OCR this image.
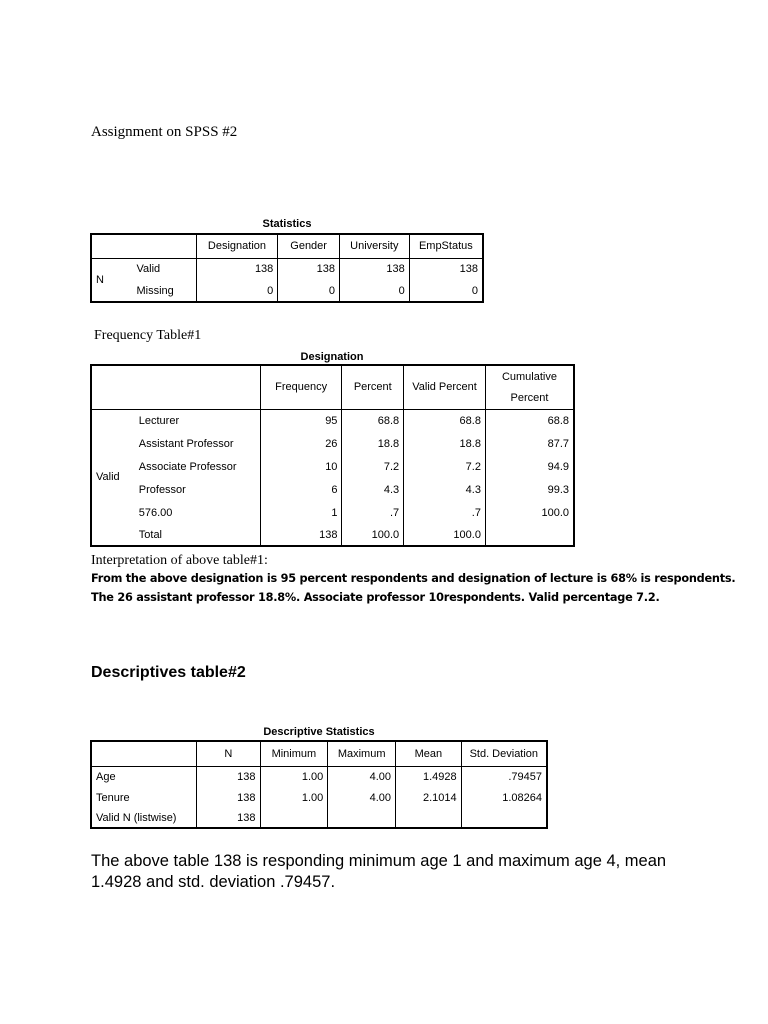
Assignment on SPSS #2
Statistics
		Designation	Gender	University	EmpStatus
N	Valid	138	138	138	138
	Missing	0	0	0	0
Frequency Table#1
Designation
		Frequency	Percent	Valid Percent	Cumulative
					Percent
Valid	Lecturer	95	68.8	68.8	68.8
	Assistant Professor	26	18.8	18.8	87.7
	Associate Professor	10	7.2	7.2	94.9
	Professor	6	4.3	4.3	99.3
	576.00	1	.7	.7	100.0
	Total	138	100.0	100.0	
Interpretation of above table#1:
From the above designation is 95 percent respondents and designation of lecture is 68% is respondents.
The 26 assistant professor 18.8%. Associate professor 10respondents. Valid percentage 7.2.
Descriptives table#2
Descriptive Statistics
	N	Minimum	Maximum	Mean	Std. Deviation
Age	138	1.00	4.00	1.4928	.79457
Tenure	138	1.00	4.00	2.1014	1.08264
Valid N (listwise)	138				
The above table 138 is responding minimum age 1 and maximum age 4, mean
1.4928 and std. deviation .79457.
